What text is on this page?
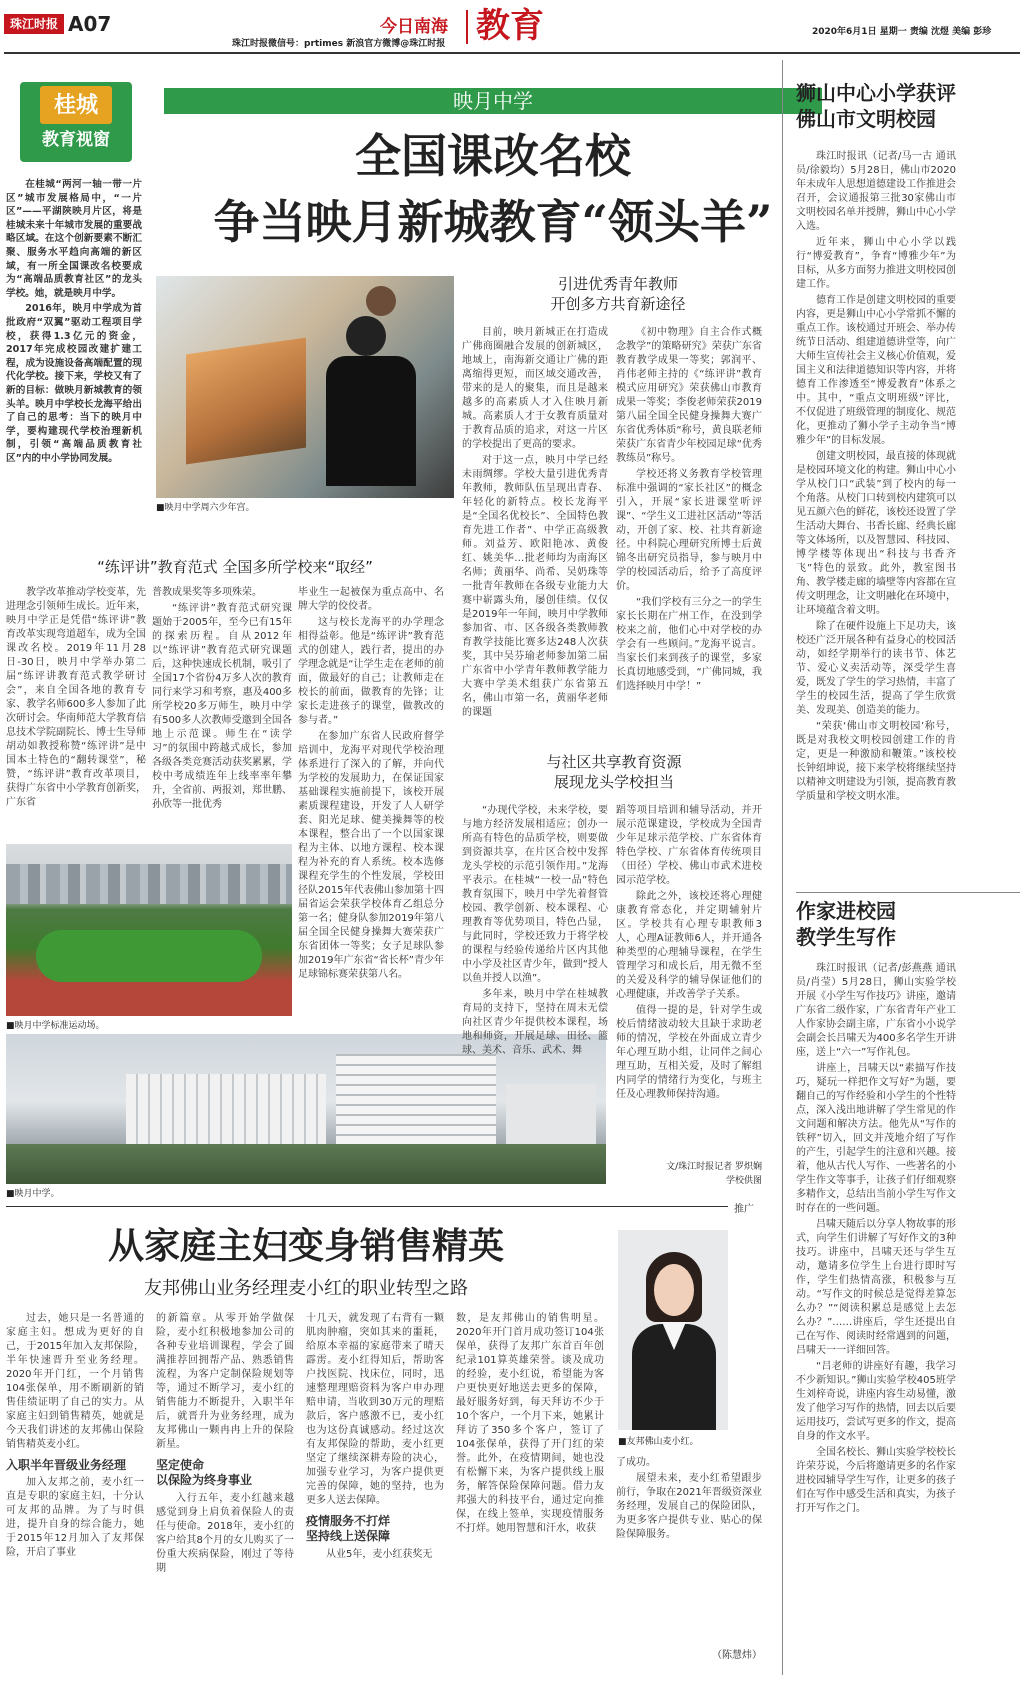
珠江时报 A07	今日南海 教育
珠江时报微信号：prtimes 新浪官方微博@珠江时报
2020年6月1日 星期一 责编 沈煜 美编 彭珍
桂城
教育视窗
映月中学
全国课改名校
争当映月新城教育“领头羊”

在桂城“两河一轴一带一片区”城市发展格局中，“一片区”——平湖陕映月片区，将是桂城未来十年城市发展的重要战略区域。在这个创新要素不断汇聚、服务水平趋向高端的新区域，有一所全国课改名校要成为“高端品质教育社区”的龙头学校。她，就是映月中学。

2016年，映月中学成为首批政府“双翼”驱动工程项目学校，获得1.3亿元的资金，2017年完成校园改建扩建工程，成为设施设备高端配置的现代化学校。接下来，学校又有了新的目标：做映月新城教育的领头羊。映月中学校长龙海平给出了自己的思考：当下的映月中学，要构建现代学校治理新机制，引领“高端品质教育社区”内的中小学协同发展。

■映月中学周六少年宫。
引进优秀青年教师
开创多方共育新途径

目前，映月新城正在打造成广佛商圈融合发展的创新城区，地域上，南海新交通让广佛的距离缩得更短，而区域交通改善，带来的是人的聚集，而且是越来越多的高素质人才入住映月新城。高素质人才于女教育质量对于教育品质的追求，对这一片区的学校提出了更高的要求。

对于这一点，映月中学已经未雨绸缪。学校大量引进优秀青年教师，教师队伍呈现出青春、年轻化的新特点。校长龙海平是“全国名优校长”、全国特色教育先进工作者”、中学正高级教师。刘益芳、欧阳艳冰、黄俊红、姚美华…批老师均为南海区名师；黄丽华、尚希、吴奶珠等一批青年教师在各级专业能力大赛中崭露头角，屡创佳绩。仅仅是2019年一年间，映月中学教师参加省、市、区各级各类教师教育教学技能比赛多达248人次获奖，其中吴芬瑜老师参加第二届广东省中小学青年教师教学能力大赛中学美术组获广东省第五名，佛山市第一名，黄丽华老师的课题

《初中物理》自主合作式概念教学”的策略研究》荣获广东省教育教学成果一等奖；郭润平、肖伟老师主持的《“练评讲”教育模式应用研究》荣获佛山市教育成果一等奖；李俊老师荣获2019第八届全国全民健身操舞大赛广东省优秀体质“称号，黄良联老师荣获广东省青少年校园足球“优秀教练员”称号。

学校还将义务教育学校管理标准中强调的“家长社区”的概念引入，开展“家长进课堂听评课”、“学生义工进社区活动”等活动，开创了家、校、社共育新途径。中科院心理研究所博士后黄锦冬出研究员指导，参与映月中学的校园活动后，给予了高度评价。

“我们学校有三分之一的学生家长长期在广州工作，在没到学校来之前，他们心中对学校的办学会有一些顾问。”龙海平说言。当家长们来到孩子的课堂，多家长真切地感受到，“广佛同城，我们选择映月中学！”

“练评讲”教育范式 全国多所学校来“取经”

教学改革推动学校变革，先进理念引领师生成长。近年来，映月中学正是凭借“练评讲”教育改革实现弯道超车，成为全国课改名校。2019年11月28日-30日，映月中学举办第二届“练评讲教育范式教学研讨会”，来自全国各地的教育专家、教学名师600多人参加了此次研讨会。华南师范大学教育信息技术学院副院长、博士生导师胡动如教授称赞“练评讲”是中国本土特色的“翻转课堂”，秘赞，“练评讲”教育改革项目，获得广东省中小学教育创新奖，广东省

普教成果奖等多项殊荣。

“练评讲”教育范式研究课题始于2005年，至今已有15年的探索历程。自从2012年以“练评讲”教育范式研究课题后，这种快速成长机制，吸引了全国17个省份4万多人次的教育同行来学习和考察，惠及400多所学校20多万师生，映月中学有500多人次教师受邀到全国各地上示范课。师生在“读学习”的氛围中跨越式成长，参加各级各类竞赛活动获奖累累，学校中考成绩连年上线率率年攀升，全省前、两报刘，郑世鹏、孙欣等一批优秀

毕业生一起被保为重点高中、名牌大学的佼佼者。

这与校长龙海平的办学理念相得益彰。他是“练评讲”教育范式的创建人，践行者，提出的办学理念就是“让学生走在老师的前面，做最好的自己；让教师走在校长的前面，做教育的先锋；让家长走进孩子的课堂，做教改的参与者。”

在参加广东省人民政府督学培训中，龙海平对现代学校治理体系进行了深入的了解，并向代为学校的发展助力，在保证国家基础课程实施前提下，该校开展素质课程建设，开发了人人研学套、阳光足球、健美操舞等的校本课程，整合出了一个以国家课程为主体、以地方课程、校本课程为补充的育人系统。校本选修课程充学生的个性发展，学校田径队2015年代表佛山参加第十四届省运会荣获学校体育乙组总分第一名；健身队参加2019年第八届全国全民健身操舞大赛荣获广东省团体一等奖；女子足球队参加2019年广东省“省长杯”青少年足球锦标赛荣获第八名。

■映月中学标准运动场。
■映月中学。
与社区共享教育资源
展现龙头学校担当

“办现代学校，未来学校，要与地方经济发展相适应；创办一所高有特色的品质学校，则要做到资源共享，在片区合校中发挥龙头学校的示范引领作用。”龙海平表示。在桂城“一校一品”特色教育氛围下，映月中学先着督管校园、教学创新、校本课程、心理教育等优势项目，特色凸显，与此同时，学校还致力于将学校的课程与经验传递给片区内其他中小学及社区青少年，做到“授人以鱼并授人以渔”。

多年来，映月中学在桂城教育局的支持下，坚持在周末无偿向社区青少年提供校本课程，场地和师资，开展足球、田径、篮球、美术、音乐、武术、舞

蹈等项目培训和辅导活动，并开展示范课建设，学校成为全国青少年足球示范学校、广东省体育特色学校、广东省体育传统项目（田径）学校、佛山市武术进校园示范学校。

除此之外，该校还将心理健康教育常态化，并定期辅射片区。学校共有心理专职教师3人，心理A证教师6人，并开通各种类型的心理辅导课程，在学生管理学习和成长后，用无微不至的关爱及科学的辅导保证他们的心理健康，并改善学子关系。

值得一提的是，针对学生或校后情绪波动较大且缺于求助老师的情况，学校在外面成立青少年心理互助小组，让同伴之间心理互助，互相关爱，及时了解组内同学的情绪行为变化，与班主任及心理教师保持沟通。

文/珠江时报记者 罗炽娴
学校供图
狮山中心小学获评
佛山市文明校园

珠江时报讯（记者/马一古 通讯员/徐毅均）5月28日，佛山市2020年未成年人思想道德建设工作推进会召开，会议通报第三批30家佛山市文明校园名单并授牌，狮山中心小学入选。

近年来，狮山中心小学以践行“博爱教育”，争育“博雅少年”为目标，从多方面努力推进文明校园创建工作。

德育工作是创建文明校园的重要内容，更是狮山中心小学常抓不懈的重点工作。该校通过开班会、举办传统节日活动、组建道德讲堂等，向广大师生宣传社会主义核心价值观，爱国主义和法律道德知识等内容，并将德育工作渗透至“博爱教育”体系之中。其中，“重点文明班级”评比，不仅促进了班级管理的制度化、规范化，更推动了狮小学子主动争当“博雅少年”的目标发展。

创建文明校园，最直接的体现就是校园环境文化的构建。狮山中心小学从校门口“武装”到了校内的每一个角落。从校门口转到校内建筑可以见五颜六色的鲜花，该校还设置了学生活动大舞台、书香长廊、经典长廊等文体场所，以及智慧园、科技园、博学楼等体现出“科技与书香齐飞”特色的景致。此外，教室图书角、教学楼走廊的墙壁等内容都在宣传文明理念，让文明融化在环境中，让环境蕴含着文明。

除了在硬件设施上下足功夫，该校还广泛开展各种有益身心的校园活动，如经学期举行的读书节、体艺节、爱心义卖活动等，深受学生喜爱，既发了学生的学习热情，丰富了学生的校园生活，提高了学生欣赏美、发现美、创造美的能力。

“荣获‘佛山市文明校园’称号，既是对我校文明校园创建工作的肯定，更是一种激励和鞭策。”该校校长钟绍坤说，接下来学校将继续坚持以精神文明建设为引领，提高教育教学质量和学校文明水准。

作家进校园
教学生写作

珠江时报讯（记者/彭燕燕 通讯员/肖莹）5月28日，狮山实验学校开展《小学生写作技巧》讲座，邀请广东省二级作家，广东省青年产业工人作家协会副主席，广东省小小说学会副会长吕啸天为400多名学生开讲座，送上“六一”写作礼包。

讲座上，吕啸天以“素描写作技巧，疑玩一样把作文写好”为题，要翻自己的写作经验和小学生的个性特点，深入浅出地讲解了学生常见的作文问题和解决方法。他先从“写作的铁秤”切入，回文并茂地介绍了写作的产生，引起学生的注意和兴趣。接着，他从古代人写作、一些著名的小学生作文等事手，让孩子们仔细观察多精作文，总结出当前小学生写作文时存在的一些问题。

吕啸天随后以分享人物故事的形式，向学生们讲解了写好作文的3种技巧。讲座中，吕啸天还与学生互动，邀请多位学生上台进行即时写作，学生们热情高涨，积极参与互动。“写作文的时候总是觉得差算怎么办？”“阅读积累总是感觉上去怎么办？”……讲座后，学生还提出自己在写作、阅读时经常遇到的问题，吕啸天一一详细回答。

“吕老师的讲座好有趣，我学习不少新知识。”狮山实验学校405班学生刘梓奇说，讲座内容生动易懂，激发了他学习写作的热情，回去以后要运用技巧，尝试写更多的作文，提高自身的作文水平。

全国名校长、狮山实验学校校长许荣芬说，今后将邀请更多的名作家进校园辅导学生写作，让更多的孩子们在写作中感受生活和真实，为孩子打开写作之门。

推广
从家庭主妇变身销售精英
友邦佛山业务经理麦小红的职业转型之路

过去，她只是一名普通的家庭主妇。想成为更好的自己，于2015年加入友邦保险，半年快速晋升至业务经理。2020年开门红，一个月销售104张保单，用不断刷新的销售佳绩证明了自己的实力。从家庭主妇到销售精英，她就是今天我们讲述的友邦佛山保险销售精英麦小红。

入职半年晋级业务经理

加入友邦之前，麦小红一直是专职的家庭主妇，十分认可友邦的品牌。为了与时俱进，提升自身的综合能力，她于2015年12月加入了友邦保险，开启了事业

的新篇章。从零开始学做保险，麦小红积极地参加公司的各种专业培训课程，学会了圆满推荐回拥帮产品、熟悉销售流程，为客户定制保险规划等等，通过不断学习，麦小红的销售能力不断提升，入职半年后，就晋升为业务经理，成为友邦佛山一颗冉冉上升的保险新星。

坚定使命
以保险为终身事业

入行五年，麦小红越来越感觉到身上肩负着保险人的责任与使命。2018年，麦小红的客户给其8个月的女儿购买了一份重大疾病保险，刚过了等待期

十几天，就发现了右背有一颗肌肉肿瘤，突如其来的噩耗，给原本幸福的家庭带来了晴天霹雳。麦小红得知后，帮助客户找医院、找床位，同时，迅速整理理赔资料为客户申办理赔申请，当收到30万元的理赔款后，客户感激不已，麦小红也为这份真诚感动。经过这次有友邦保险的帮助，麦小红更坚定了继续深耕寿险的决心，加强专业学习，为客户提供更完善的保障，她的坚持，也为更多人送去保障。

疫情服务不打烊
坚持线上送保障

从业5年，麦小红获奖无

数，是友邦佛山的销售明星。2020年开门首月成功签订104张保单，获得了友邦广东首百年创纪录101算英雄荣誉。谈及成功的经验，麦小红说，希望能为客户更快更好地送去更多的保障，最好服务好到，每天拜访不少于10个客户，一个月下来，她累计拜访了350多个客户，签订了104张保单，获得了开门红的荣誉。此外，在疫情期间，她也没有松懈下来，为客户提供线上服务，解答保险保障问题。借力友邦强大的科技平台，通过定向推保，在线上签单，实现疫情服务不打烊。她用智慧和汗水，收获

■友邦佛山麦小红。

了成功。

展望未来，麦小红希望跟步前行，争取在2021年晋级资深业务经理，发展自己的保险团队，为更多客户提供专业、贴心的保险保障服务。

（陈慧炜）
